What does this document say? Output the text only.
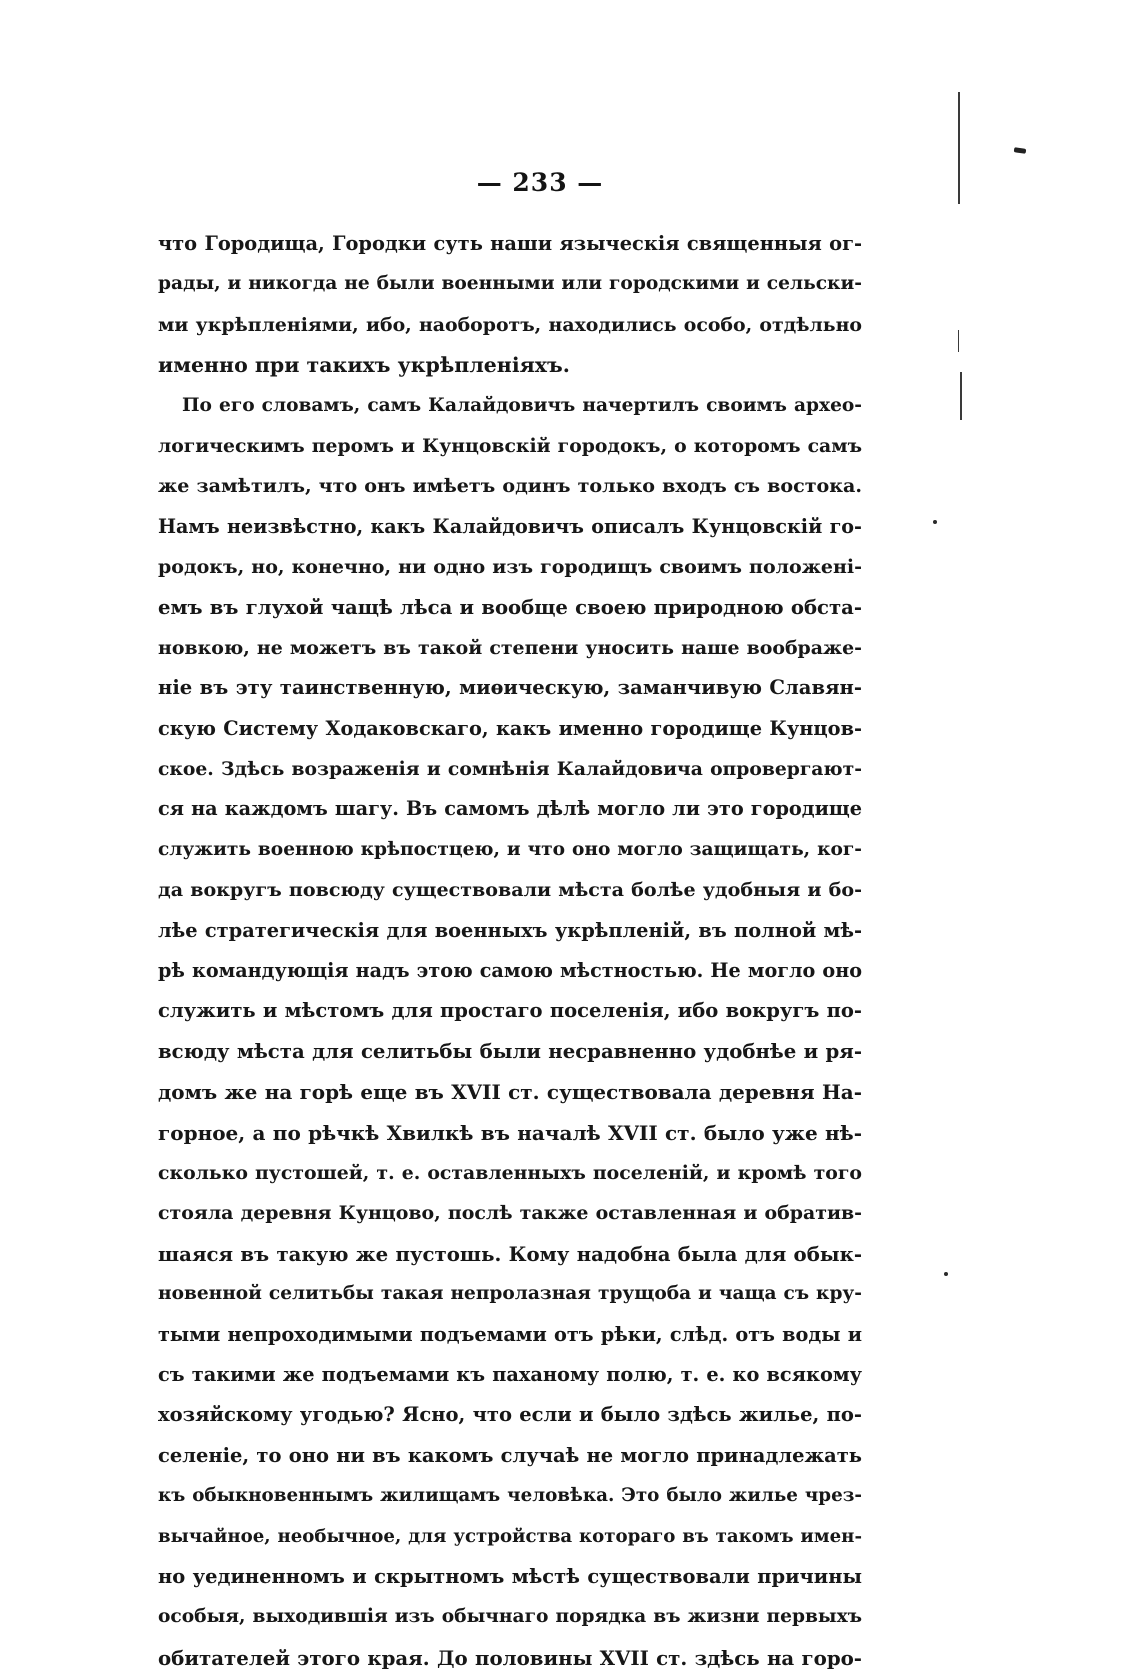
— 233 —
что Городища, Городки суть наши языческія священныя ог-
рады, и никогда не были военными или городскими и сельски-
ми укрѣпленіями, ибо, наоборотъ, находились особо, отдѣльно
именно при такихъ укрѣпленіяхъ.
По его словамъ, самъ Калайдовичъ начертилъ своимъ архео-
логическимъ перомъ и Кунцовскій городокъ, о которомъ самъ
же замѣтилъ, что онъ имѣетъ одинъ только входъ съ востока.
Намъ неизвѣстно, какъ Калайдовичъ описалъ Кунцовскій го-
родокъ, но, конечно, ни одно изъ городищъ своимъ положені-
емъ въ глухой чащѣ лѣса и вообще своею природною обста-
новкою, не можетъ въ такой степени уносить наше воображе-
ніе въ эту таинственную, миѳическую, заманчивую Славян-
скую Систему Ходаковскаго, какъ именно городище Кунцов-
ское. Здѣсь возраженія и сомнѣнія Калайдовича опровергают-
ся на каждомъ шагу. Въ самомъ дѣлѣ могло ли это городище
служить военною крѣпостцею, и что оно могло защищать, ког-
да вокругъ повсюду существовали мѣста болѣе удобныя и бо-
лѣе стратегическія для военныхъ укрѣпленій, въ полной мѣ-
рѣ командующія надъ этою самою мѣстностью. Не могло оно
служить и мѣстомъ для простаго поселенія, ибо вокругъ по-
всюду мѣста для селитьбы были несравненно удобнѣе и ря-
домъ же на горѣ еще въ XVII ст. существовала деревня На-
горное, а по рѣчкѣ Хвилкѣ въ началѣ XVII ст. было уже нѣ-
сколько пустошей, т. е. оставленныхъ поселеній, и кромѣ того
стояла деревня Кунцово, послѣ также оставленная и обратив-
шаяся въ такую же пустошь. Кому надобна была для обык-
новенной селитьбы такая непролазная трущоба и чаща съ кру-
тыми непроходимыми подъемами отъ рѣки, слѣд. отъ воды и
съ такими же подъемами къ паханому полю, т. е. ко всякому
хозяйскому угодью? Ясно, что если и было здѣсь жилье, по-
селеніе, то оно ни въ какомъ случаѣ не могло принадлежать
къ обыкновеннымъ жилищамъ человѣка. Это было жилье чрез-
вычайное, необычное, для устройства котораго въ такомъ имен-
но уединенномъ и скрытномъ мѣстѣ существовали причины
особыя, выходившія изъ обычнаго порядка въ жизни первыхъ
обитателей этого края. До половины XVII ст. здѣсь на горо-
